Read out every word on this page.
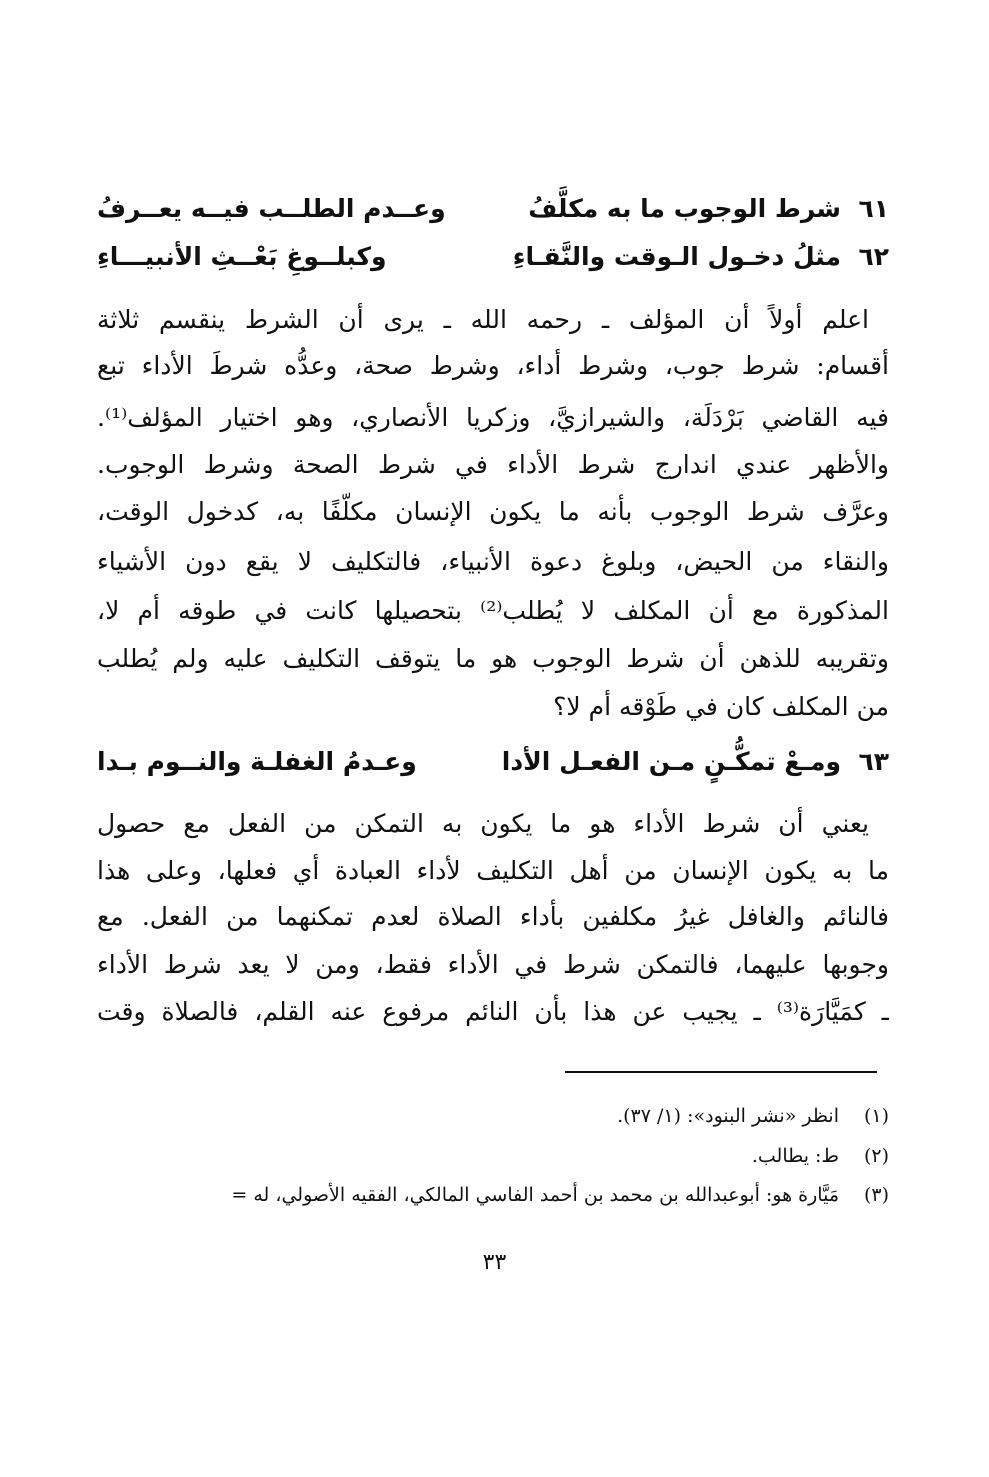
٦١
شرط الوجوب ما به مكلَّفُ
وعــدم الطلــب فيــه يعــرفُ
٦٢
مثلُ دخـول الـوقت والنَّقـاءِ
وكبلــوغِ بَعْــثِ الأنبيـــاءِ
اعلم أولاً أن المؤلف ـ رحمه الله ـ يرى أن الشرط ينقسم ثلاثة
أقسام: شرط جوب، وشرط أداء، وشرط صحة، وعدُّه شرطَ الأداء تبع
فيه القاضي بَرْدَلَة، والشيرازيَّ، وزكريا الأنصاري، وهو اختيار المؤلف⁽¹⁾.
والأظهر عندي اندارج شرط الأداء في شرط الصحة وشرط الوجوب.
وعرَّف شرط الوجوب بأنه ما يكون الإنسان مكلَّفًا به، كدخول الوقت،
والنقاء من الحيض، وبلوغ دعوة الأنبياء، فالتكليف لا يقع دون الأشياء
المذكورة مع أن المكلف لا يُطلب⁽²⁾ بتحصيلها كانت في طوقه أم لا،
وتقريبه للذهن أن شرط الوجوب هو ما يتوقف التكليف عليه ولم يُطلب
من المكلف كان في طَوْقه أم لا؟
٦٣
ومـعْ تمكُّـنٍ مـن الفعـل الأدا
وعـدمُ الغفلـة والنــوم بـدا
يعني أن شرط الأداء هو ما يكون به التمكن من الفعل مع حصول
ما به يكون الإنسان من أهل التكليف لأداء العبادة أي فعلها، وعلى هذا
فالنائم والغافل غيرُ مكلفين بأداء الصلاة لعدم تمكنهما من الفعل. مع
وجوبها عليهما، فالتمكن شرط في الأداء فقط، ومن لا يعد شرط الأداء
ـ كمَيَّارَة⁽³⁾ ـ يجيب عن هذا بأن النائم مرفوع عنه القلم، فالصلاة وقت
(١)
انظر «نشر البنود»: (١/ ٣٧).
(٢)
ط: يطالب.
(٣)
مَيَّارة هو: أبوعبدالله بن محمد بن أحمد الفاسي المالكي، الفقيه الأصولي، له =
٣٣
